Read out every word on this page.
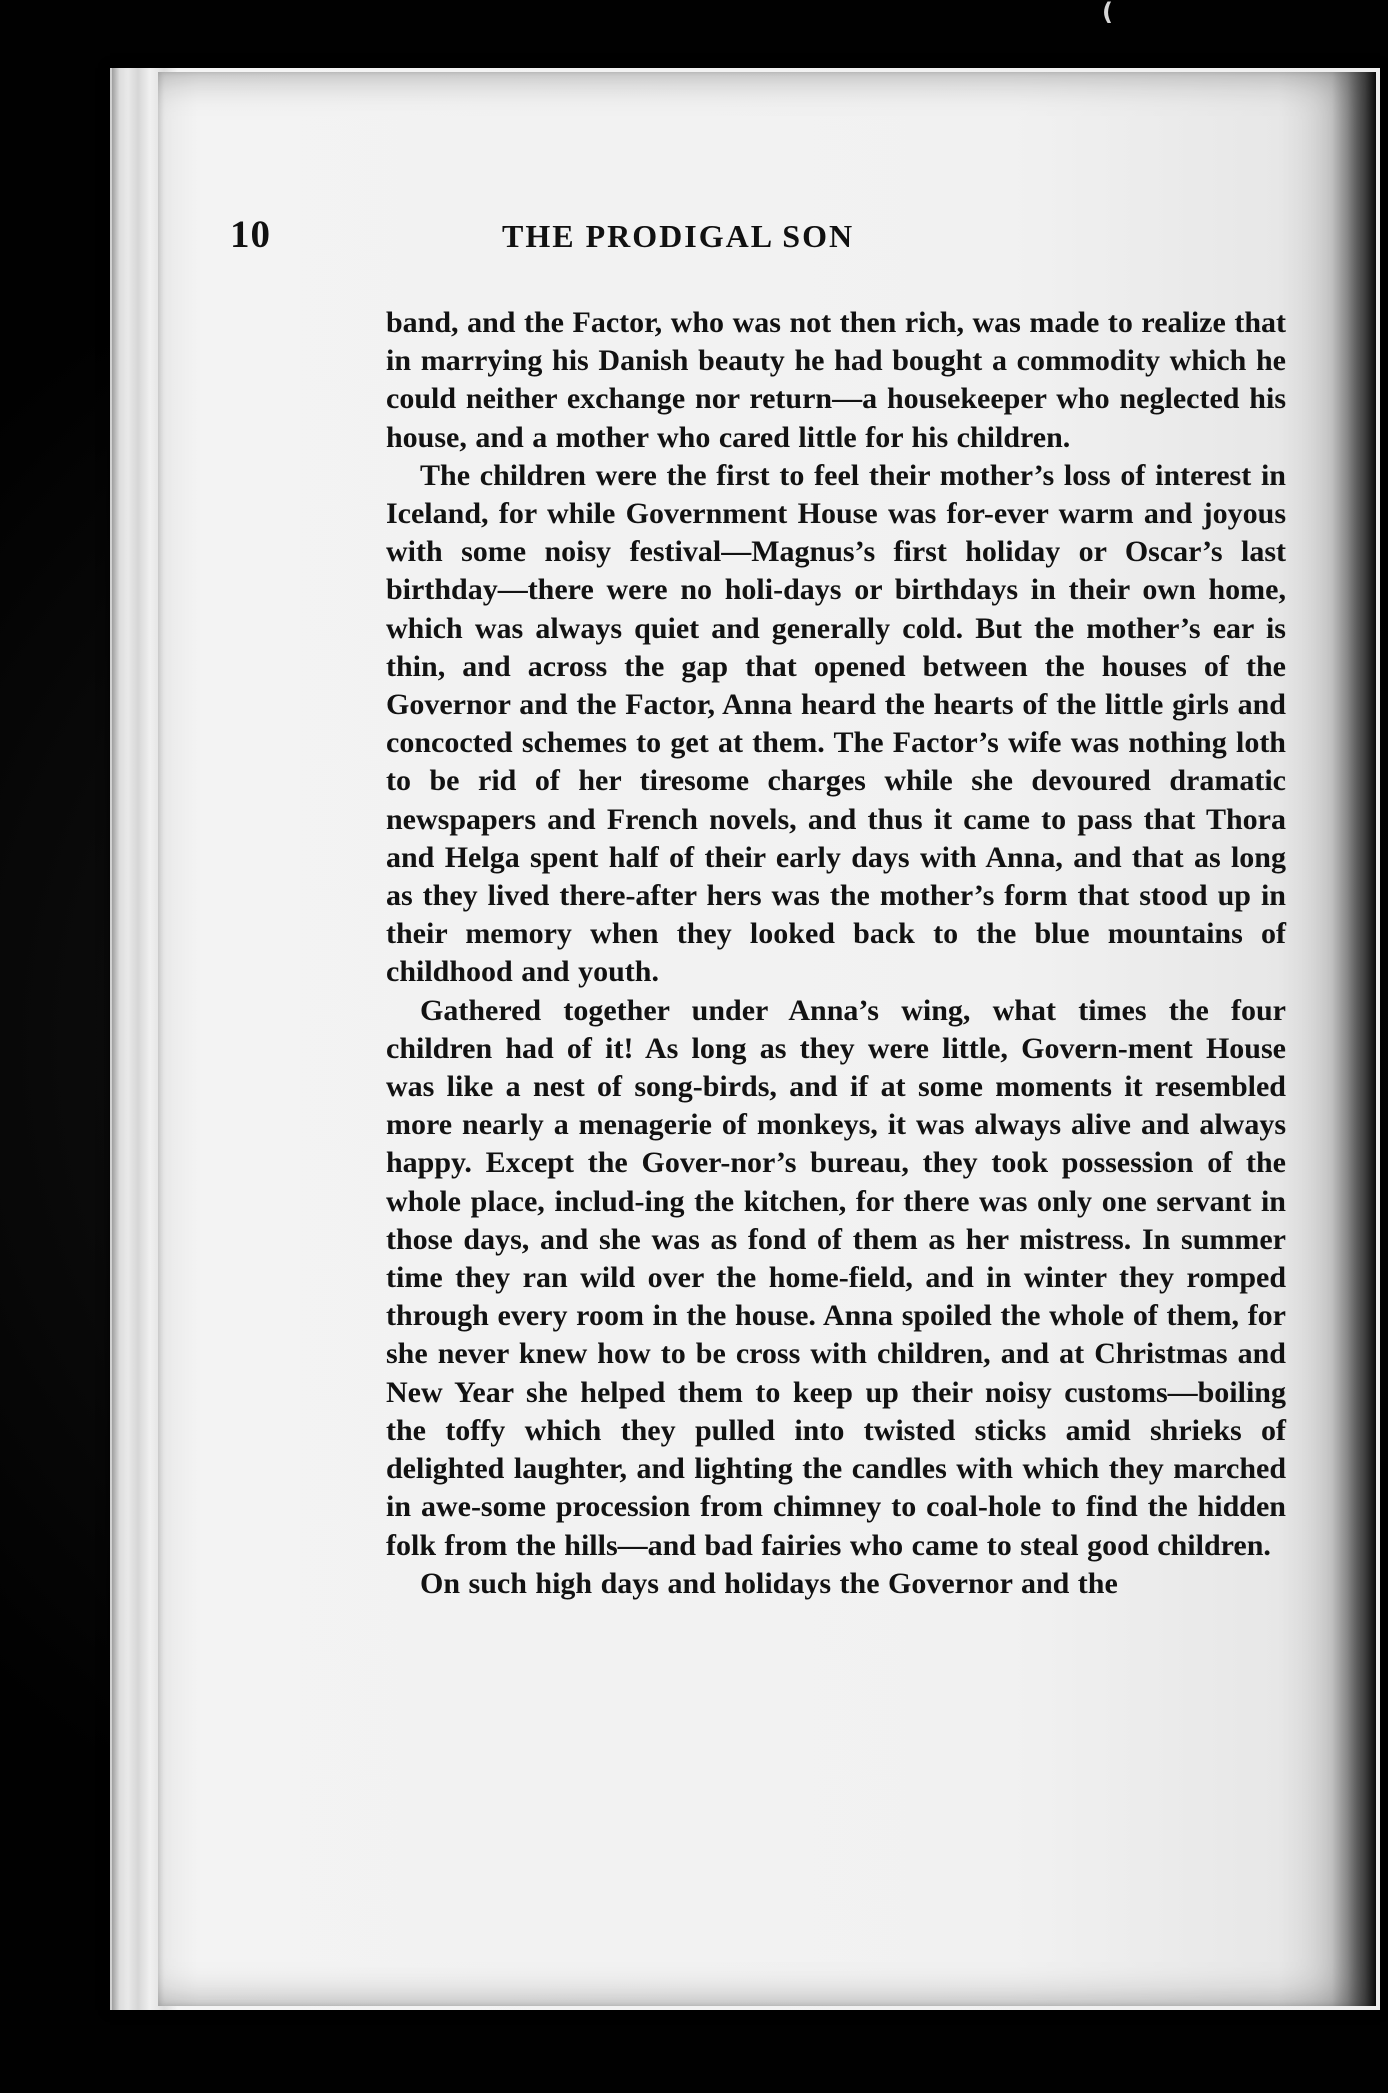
(
10	THE PRODIGAL SON

band, and the Factor, who was not then rich, was made to realize that in marrying his Danish beauty he had bought a commodity which he could neither exchange nor return—a housekeeper who neglected his house, and a mother who cared little for his children.

The children were the first to feel their mother’s loss of interest in Iceland, for while Government House was for-ever warm and joyous with some noisy festival—Magnus’s first holiday or Oscar’s last birthday—there were no holi-days or birthdays in their own home, which was always quiet and generally cold. But the mother’s ear is thin, and across the gap that opened between the houses of the Governor and the Factor, Anna heard the hearts of the little girls and concocted schemes to get at them. The Factor’s wife was nothing loth to be rid of her tiresome charges while she devoured dramatic newspapers and French novels, and thus it came to pass that Thora and Helga spent half of their early days with Anna, and that as long as they lived there-after hers was the mother’s form that stood up in their memory when they looked back to the blue mountains of childhood and youth.

Gathered together under Anna’s wing, what times the four children had of it! As long as they were little, Govern-ment House was like a nest of song-birds, and if at some moments it resembled more nearly a menagerie of monkeys, it was always alive and always happy. Except the Gover-nor’s bureau, they took possession of the whole place, includ-ing the kitchen, for there was only one servant in those days, and she was as fond of them as her mistress. In summer time they ran wild over the home-field, and in winter they romped through every room in the house. Anna spoiled the whole of them, for she never knew how to be cross with children, and at Christmas and New Year she helped them to keep up their noisy customs—boiling the toffy which they pulled into twisted sticks amid shrieks of delighted laughter, and lighting the candles with which they marched in awe-some procession from chimney to coal-hole to find the hidden folk from the hills—and bad fairies who came to steal good children.

On such high days and holidays the Governor and the
